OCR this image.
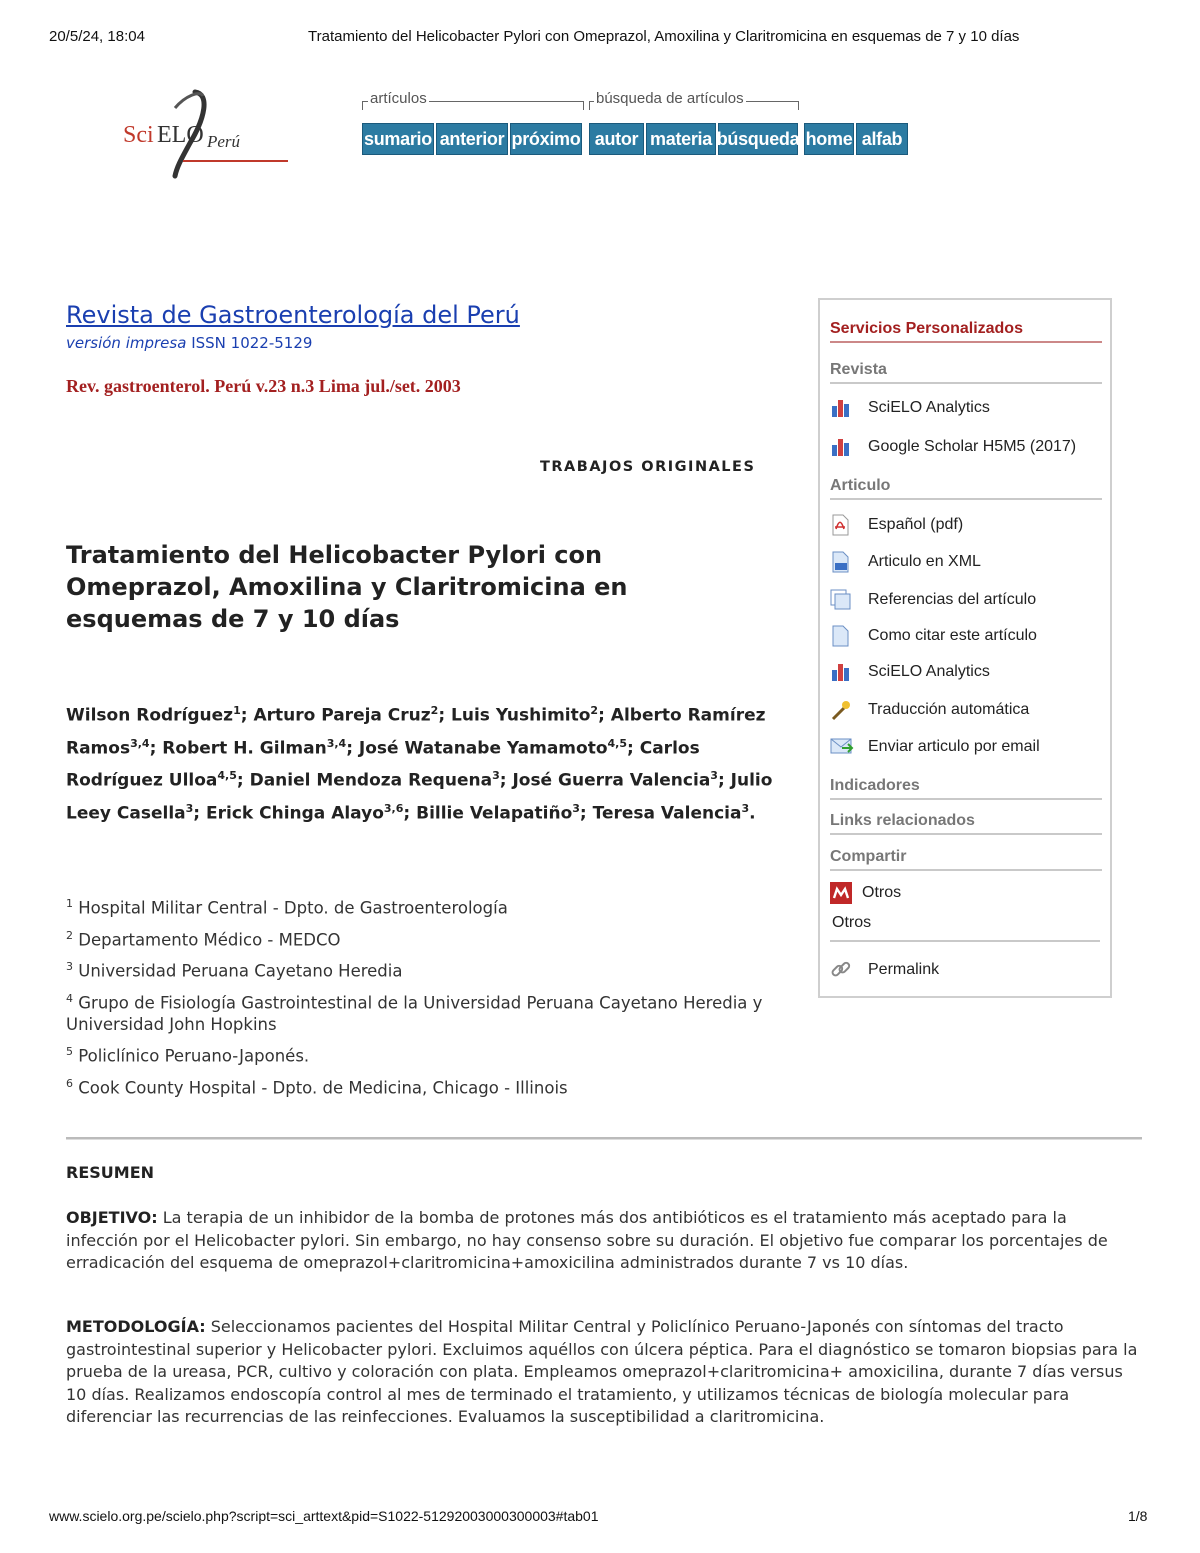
20/5/24, 18:04	Tratamiento del Helicobacter Pylori con Omeprazol, Amoxilina y Claritromicina en esquemas de 7 y 10 días
Sci ELO Perú
artículos	búsqueda de artículos
sumario anterior próximo autor materia búsqueda home alfab
Revista de Gastroenterología del Perú
versión impresa ISSN 1022-5129
Rev. gastroenterol. Perú v.23 n.3 Lima jul./set. 2003
TRABAJOS ORIGINALES
Tratamiento del Helicobacter Pylori con Omeprazol, Amoxilina y Claritromicina en esquemas de 7 y 10 días
Wilson Rodríguez$^1$; Arturo Pareja Cruz$^2$; Luis Yushimito$^2$; Alberto Ramírez Ramos$^{3,4}$; Robert H. Gilman$^{3,4}$; José Watanabe Yamamoto$^{4,5}$; Carlos Rodríguez Ulloa$^{4,5}$; Daniel Mendoza Requena$^3$; José Guerra Valencia$^3$; Julio Leey Casella$^3$; Erick Chinga Alayo$^{3,6}$; Billie Velapatiño$^3$; Teresa Valencia$^3$.
$^1$ Hospital Militar Central - Dpto. de Gastroenterología
$^2$ Departamento Médico - MEDCO
$^3$ Universidad Peruana Cayetano Heredia
$^4$ Grupo de Fisiología Gastrointestinal de la Universidad Peruana Cayetano Heredia y Universidad John Hopkins
$^5$ Policlínico Peruano-Japonés.
$^6$ Cook County Hospital - Dpto. de Medicina, Chicago - Illinois
RESUMEN
OBJETIVO: La terapia de un inhibidor de la bomba de protones más dos antibióticos es el tratamiento más aceptado para la infección por el Helicobacter pylori. Sin embargo, no hay consenso sobre su duración. El objetivo fue comparar los porcentajes de erradicación del esquema de omeprazol+claritromicina+amoxicilina administrados durante 7 vs 10 días.
METODOLOGÍA: Seleccionamos pacientes del Hospital Militar Central y Policlínico Peruano-Japonés con síntomas del tracto gastrointestinal superior y Helicobacter pylori. Excluimos aquéllos con úlcera péptica. Para el diagnóstico se tomaron biopsias para la prueba de la ureasa, PCR, cultivo y coloración con plata. Empleamos omeprazol+claritromicina+ amoxicilina, durante 7 días versus 10 días. Realizamos endoscopía control al mes de terminado el tratamiento, y utilizamos técnicas de biología molecular para diferenciar las recurrencias de las reinfecciones. Evaluamos la susceptibilidad a claritromicina.
Servicios Personalizados
Revista
SciELO Analytics
Google Scholar H5M5 (2017)
Articulo
Español (pdf)
Articulo en XML
Referencias del artículo
Como citar este artículo
SciELO Analytics
Traducción automática
Enviar articulo por email
Indicadores
Links relacionados
Compartir
Otros
Otros
Permalink
www.scielo.org.pe/scielo.php?script=sci_arttext&pid=S1022-51292003000300003#tab01	1/8
